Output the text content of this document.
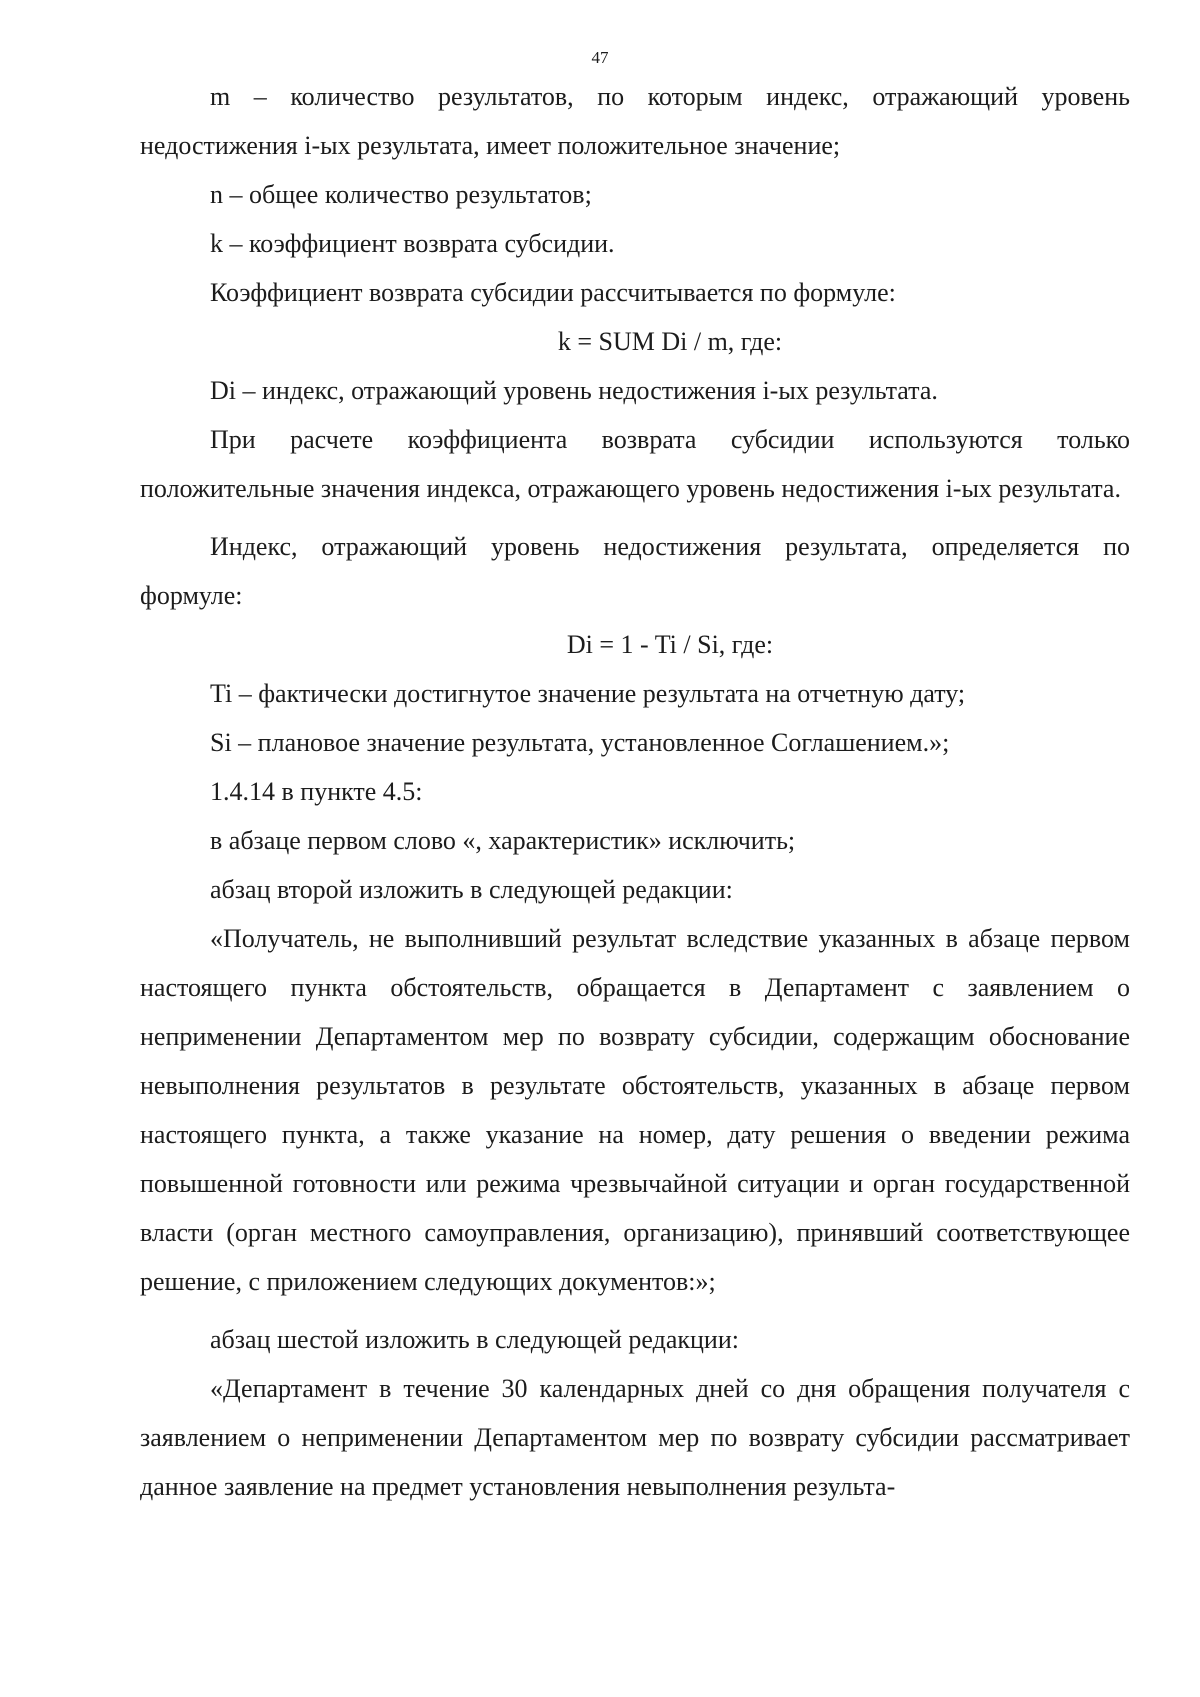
47

m – количество результатов, по которым индекс, отражающий уровень недостижения i-ых результата, имеет положительное значение;

n – общее количество результатов;

k – коэффициент возврата субсидии.

Коэффициент возврата субсидии рассчитывается по формуле:

k = SUM Di / m, где:

Di – индекс, отражающий уровень недостижения i-ых результата.

При расчете коэффициента возврата субсидии используются только положительные значения индекса, отражающего уровень недостижения i-ых результата.

Индекс, отражающий уровень недостижения результата, определяется по формуле:

Di = 1 - Ti / Si, где:

Ti – фактически достигнутое значение результата на отчетную дату;

Si – плановое значение результата, установленное Соглашением.»;

1.4.14 в пункте 4.5:

в абзаце первом слово «, характеристик» исключить;

абзац второй изложить в следующей редакции:

«Получатель, не выполнивший результат вследствие указанных в абзаце первом настоящего пункта обстоятельств, обращается в Департамент с заявлением о неприменении Департаментом мер по возврату субсидии, содержащим обоснование невыполнения результатов в результате обстоятельств, указанных в абзаце первом настоящего пункта, а также указание на номер, дату решения о введении режима повышенной готовности или режима чрезвычайной ситуации и орган государственной власти (орган местного самоуправления, организацию), принявший соответствующее решение, с приложением следующих документов:»;

абзац шестой изложить в следующей редакции:

«Департамент в течение 30 календарных дней со дня обращения получателя с заявлением о неприменении Департаментом мер по возврату субсидии рассматривает данное заявление на предмет установления невыполнения результа-
